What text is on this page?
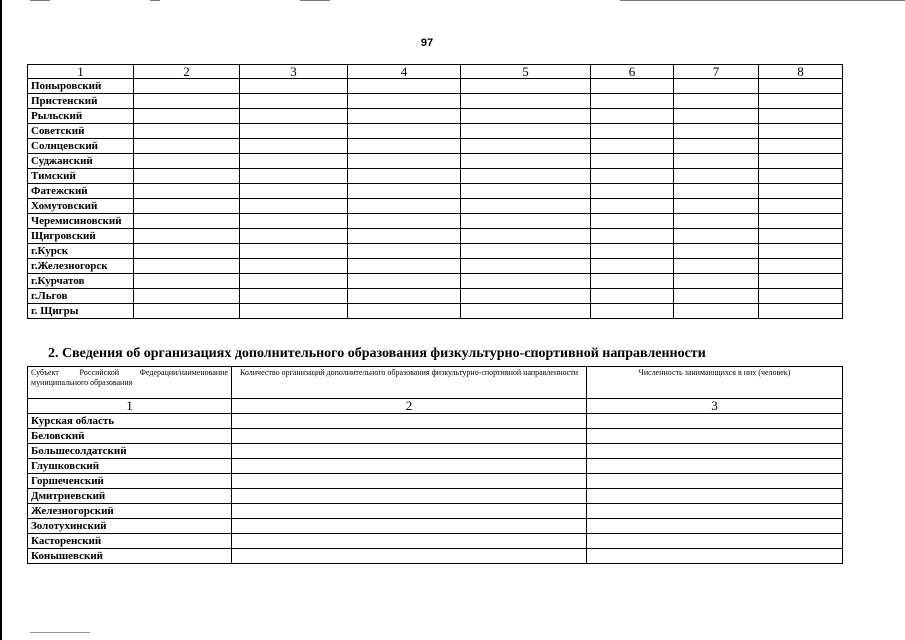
97
1	2	3	4	5	6	7	8
Поныровский							
Пристенский							
Рыльский							
Советский							
Солнцевский							
Суджанский							
Тимский							
Фатежский							
Хомутовский							
Черемисиновский							
Щигровский							
г.Курск							
г.Железногорск							
г.Курчатов							
г.Льгов							
г. Щигры							
2. Сведения об организациях дополнительного образования физкультурно-спортивной направленности
Субъект Российской Федерации/наименование муниципального образования	Количество организаций дополнительного образования физкультурно-спортивной направленности	Численность занимающихся в них (человек)
1	2	3
Курская область		
Беловский		
Большесолдатский		
Глушковский		
Горшеченский		
Дмитриевский		
Железногорский		
Золотухинский		
Касторенский		
Конышевский		
